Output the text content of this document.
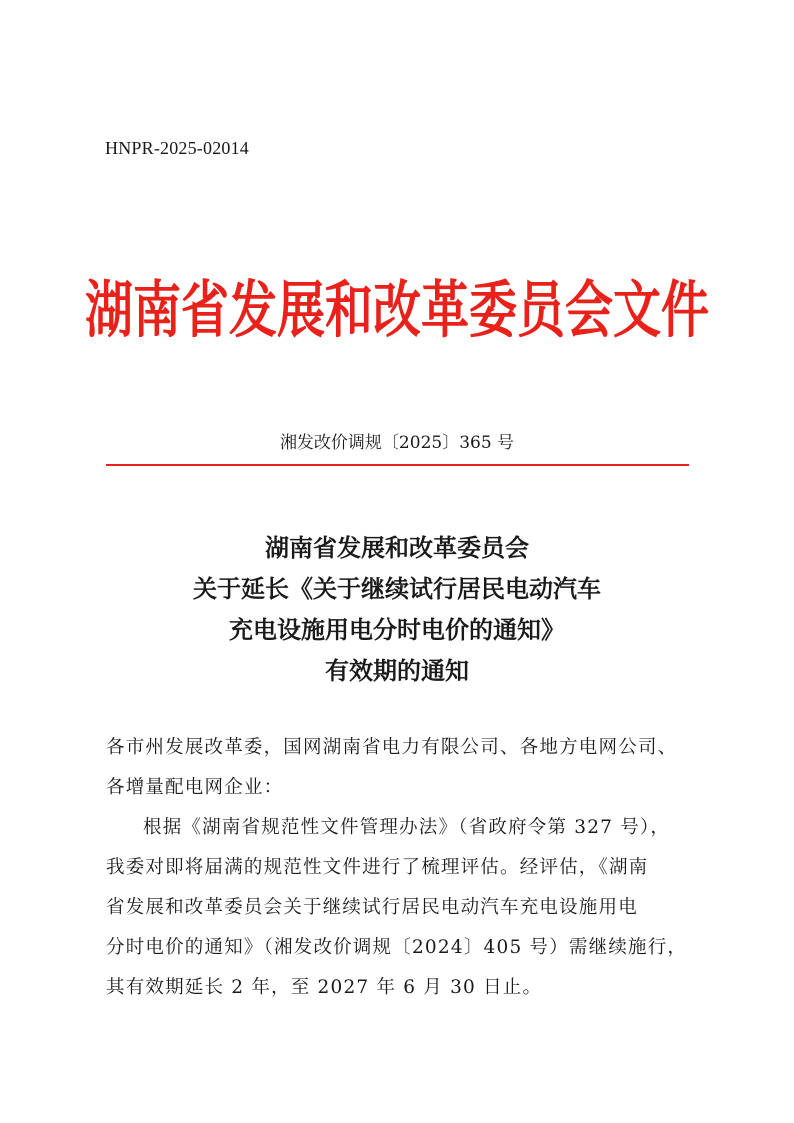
HNPR-2025-02014
湖南省发展和改革委员会文件
湘发改价调规〔2025〕365 号
湖南省发展和改革委员会
关于延长《关于继续试行居民电动汽车
充电设施用电分时电价的通知》
有效期的通知

各市州发展改革委，国网湖南省电力有限公司、各地方电网公司、
各增量配电网企业：

根据《湖南省规范性文件管理办法》（省政府令第 327 号），
我委对即将届满的规范性文件进行了梳理评估。经评估，《湖南
省发展和改革委员会关于继续试行居民电动汽车充电设施用电
分时电价的通知》（湘发改价调规〔2024〕405 号）需继续施行，
其有效期延长 2 年，至 2027 年 6 月 30 日止。
